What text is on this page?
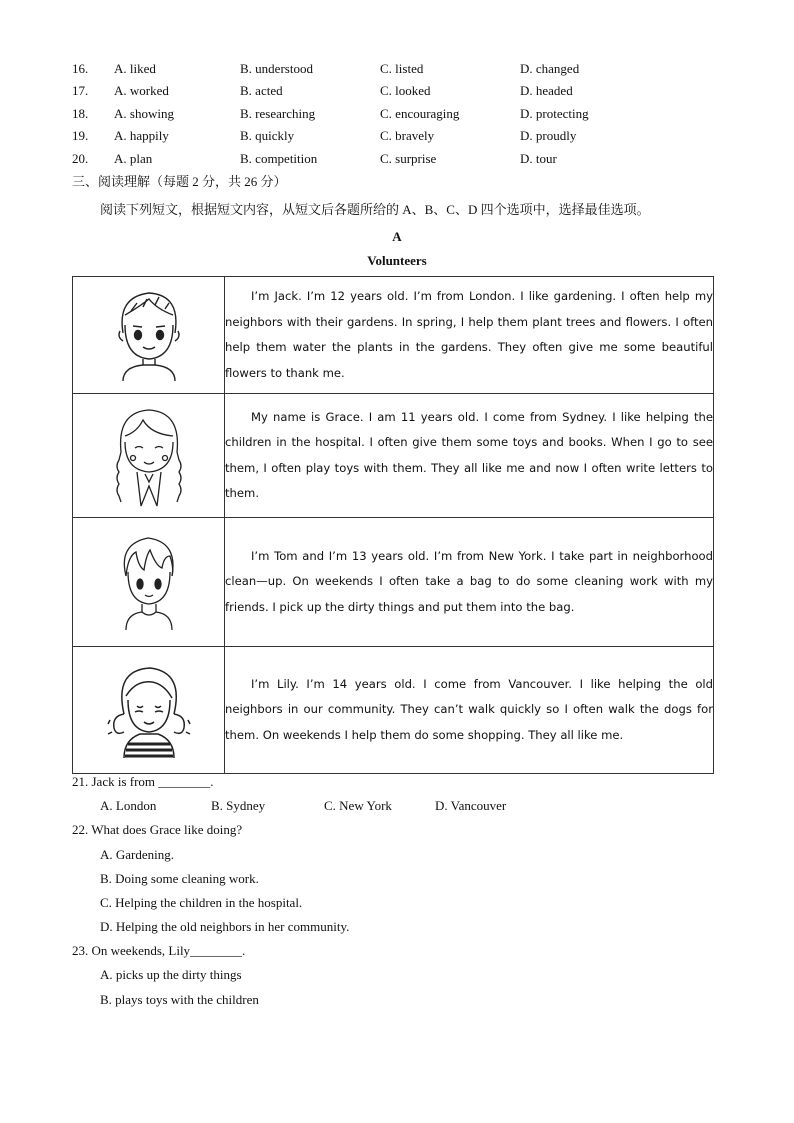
16. A. liked	B. understood	C. listed	D. changed
17. A. worked	B. acted	C. looked	D. headed
18. A. showing	B. researching	C. encouraging	D. protecting
19. A. happily	B. quickly	C. bravely	D. proudly
20. A. plan	B. competition	C. surprise	D. tour
三、阅读理解（每题 2 分，共 26 分）
阅读下列短文，根据短文内容，从短文后各题所给的 A、B、C、D 四个选项中，选择最佳选项。
A
Volunteers

I’m Jack. I’m 12 years old. I’m from London. I like gardening. I often help my neighbors with their gardens. In spring, I help them plant trees and flowers. I often help them water the plants in the gardens. They often give me some beautiful flowers to thank me.

My name is Grace. I am 11 years old. I come from Sydney. I like helping the children in the hospital. I often give them some toys and books. When I go to see them, I often play toys with them. They all like me and now I often write letters to them.

I’m Tom and I’m 13 years old. I’m from New York. I take part in neighborhood clean—up. On weekends I often take a bag to do some cleaning work with my friends. I pick up the dirty things and put them into the bag.

I’m Lily. I’m 14 years old. I come from Vancouver. I like helping the old neighbors in our community. They can’t walk quickly so I often walk the dogs for them. On weekends I help them do some shopping. They all like me.

21. Jack is from ________.
A. London	B. Sydney	C. New York	D. Vancouver
22. What does Grace like doing?
A. Gardening.
B. Doing some cleaning work.
C. Helping the children in the hospital.
D. Helping the old neighbors in her community.
23. On weekends, Lily________.
A. picks up the dirty things
B. plays toys with the children
